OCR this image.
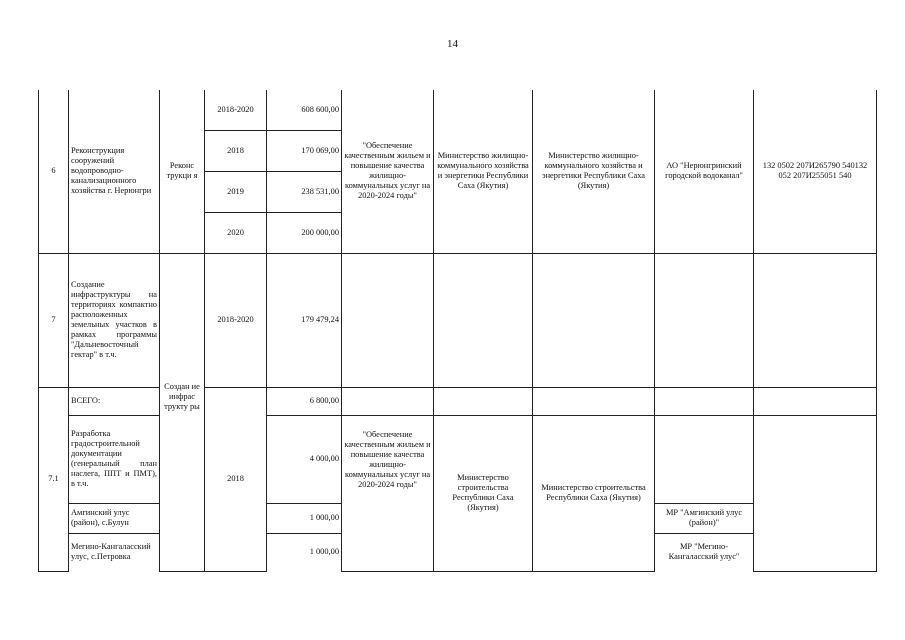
14
6	Реконструкция сооружений водопроводно-канализационного хозяйства г. Нерюнгри	Реконс трукци я	2018-2020	608 600,00	"Обеспечение качественным жильем и повышение качества жилищно-коммунальных услуг на 2020-2024 годы"	Министерство жилищно-коммунального хозяйства и энергетики Республики Саха (Якутия)	Министерство жилищно-коммунального хозяйства и энергетики Республики Саха (Якутия)	АО "Нерюнгринский городской водоканал"	132 0502 207И265790 540132 052 207И255051 540
			2018	170 069,00					
			2019	238 531,00					
			2020	200 000,00					
7	Создание инфраструктуры на территориях компактно расположенных земельных участков в рамках программы "Дальневосточный гектар" в т.ч.	Создан ие инфрас трукту ры	2018-2020	179 479,24					
7.1	ВСЕГО:		2018	6 800,00					
	Разработка градостроительной документации (генеральный план наслега, ППТ и ПМТ), в т.ч.			4 000,00	"Обеспечение качественным жильем и повышение качества жилищно-коммунальных услуг на 2020-2024 годы"	Министерство строительства Республики Саха (Якутия)	Министерство строительства Республики Саха (Якутия)		
	Амгинский улус (район), с.Булун			1 000,00				МР "Амгинский улус (район)"	
	Мегино-Кангаласский улус, с.Петровка			1 000,00				МР "Мегино-Кангаласский улус"	
